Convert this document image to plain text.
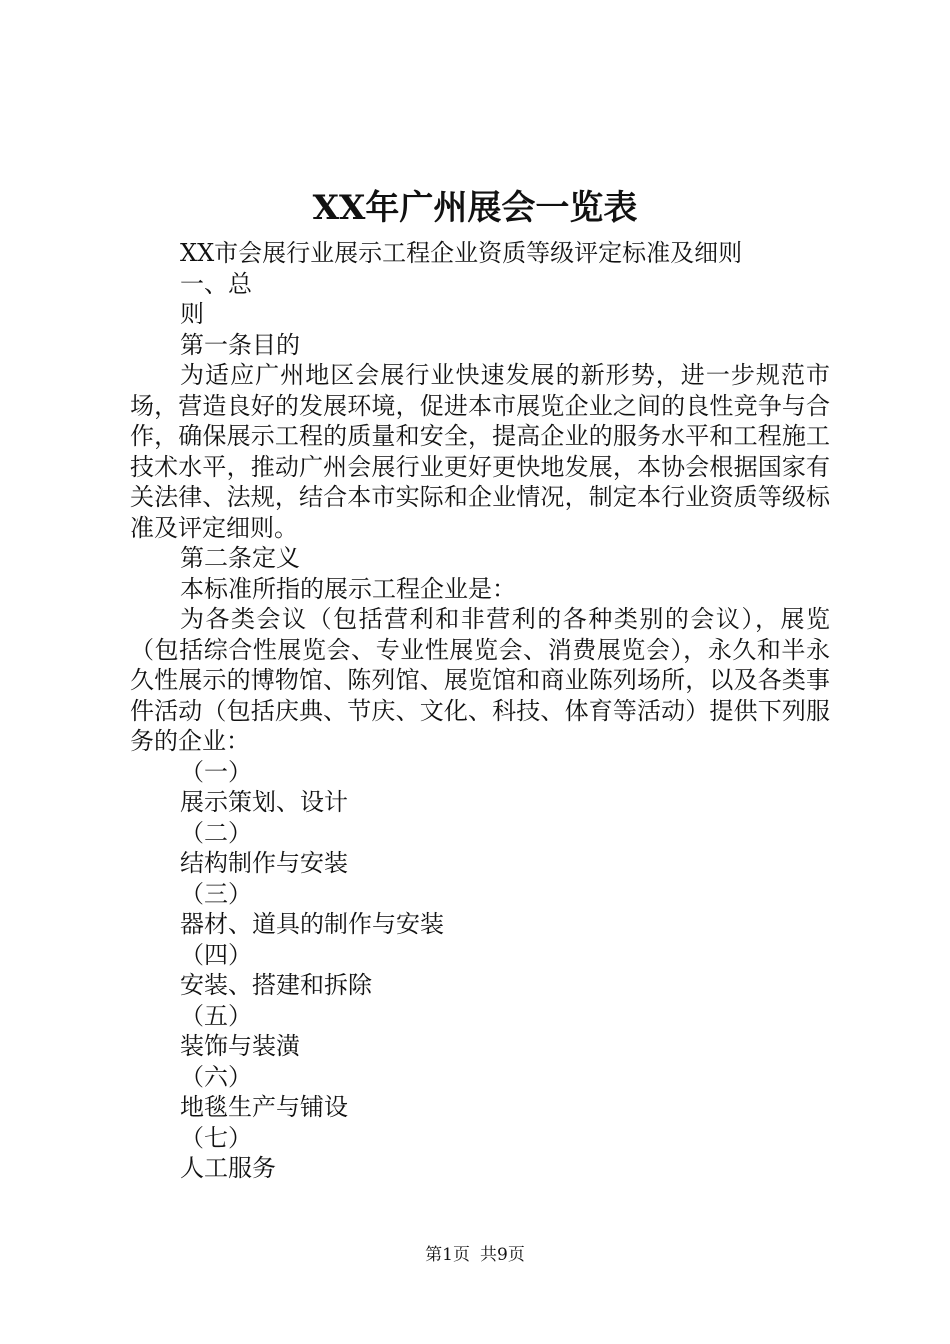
XX年广州展会一览表

XX市会展行业展示工程企业资质等级评定标准及细则

一、总

则

第一条目的

为适应广州地区会展行业快速发展的新形势，进一步规范市场，营造良好的发展环境，促进本市展览企业之间的良性竞争与合作，确保展示工程的质量和安全，提高企业的服务水平和工程施工技术水平，推动广州会展行业更好更快地发展，本协会根据国家有关法律、法规，结合本市实际和企业情况，制定本行业资质等级标准及评定细则。

第二条定义

本标准所指的展示工程企业是：

为各类会议（包括营利和非营利的各种类别的会议），展览（包括综合性展览会、专业性展览会、消费展览会），永久和半永久性展示的博物馆、陈列馆、展览馆和商业陈列场所，以及各类事件活动（包括庆典、节庆、文化、科技、体育等活动）提供下列服务的企业：

（一）

展示策划、设计

（二）

结构制作与安装

（三）

器材、道具的制作与安装

（四）

安装、搭建和拆除

（五）

装饰与装潢

（六）

地毯生产与铺设

（七）

人工服务

第1页 共9页
